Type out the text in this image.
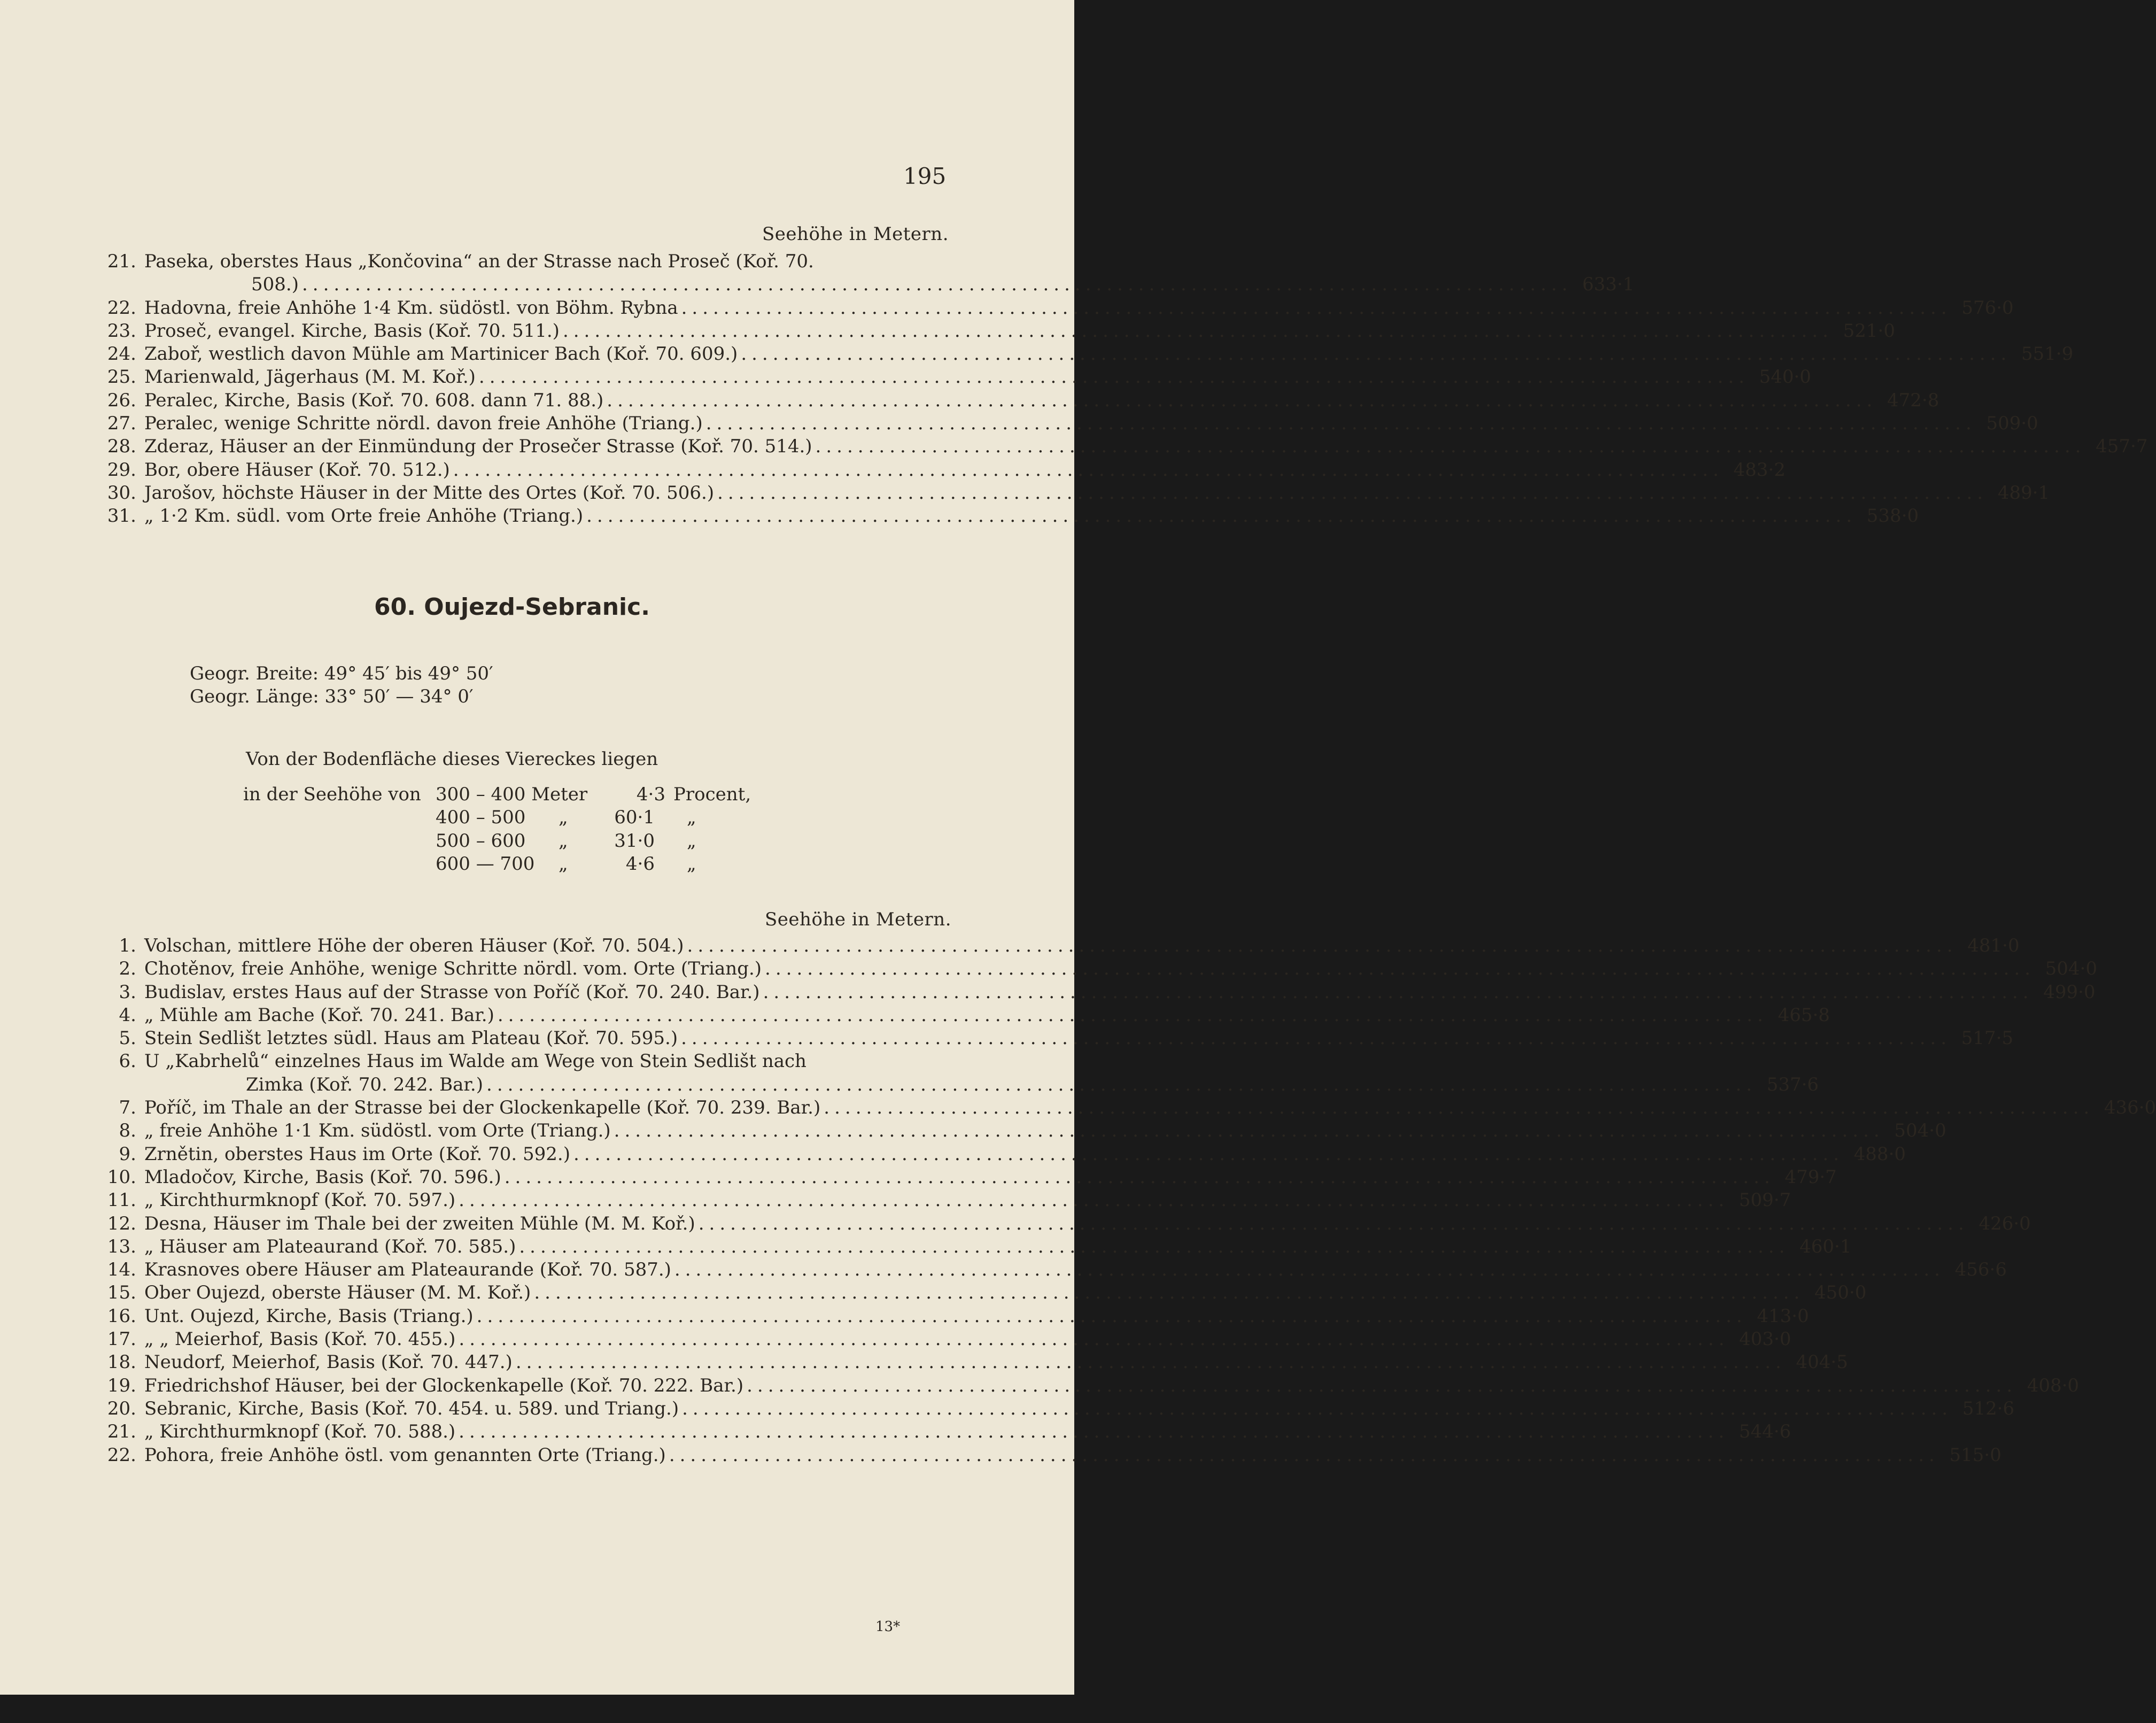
195
Seehöhe in Metern.
21. Paseka, oberstes Haus „Končovina“ an der Strasse nach Proseč (Koř. 70.
508.) ........................................................................................................................ 633·1
22. Hadovna, freie Anhöhe 1·4 Km. südöstl. von Böhm. Rybna ........................................................................................................................ 576·0
23. Proseč, evangel. Kirche, Basis (Koř. 70. 511.) ........................................................................................................................ 521·0
24. Zaboř, westlich davon Mühle am Martinicer Bach (Koř. 70. 609.) ........................................................................................................................ 551·9
25. Marienwald, Jägerhaus (M. M. Koř.) ........................................................................................................................ 540·0
26. Peralec, Kirche, Basis (Koř. 70. 608. dann 71. 88.) ........................................................................................................................ 472·8
27. Peralec, wenige Schritte nördl. davon freie Anhöhe (Triang.) ........................................................................................................................ 509·0
28. Zderaz, Häuser an der Einmündung der Prosečer Strasse (Koř. 70. 514.) ........................................................................................................................ 457·7
29. Bor, obere Häuser (Koř. 70. 512.) ........................................................................................................................ 483·2
30. Jarošov, höchste Häuser in der Mitte des Ortes (Koř. 70. 506.) ........................................................................................................................ 489·1
31. „ 1·2 Km. südl. vom Orte freie Anhöhe (Triang.) ........................................................................................................................ 538·0
60. Oujezd-Sebranic.
Geogr. Breite: 49° 45′ bis 49° 50′
Geogr. Länge: 33° 50′ — 34° 0′
Von der Bodenfläche dieses Viereckes liegen
in der Seehöhe von 300 – 400 Meter	4·3 Procent,
400 – 500 „	60·1 „
500 – 600 „	31·0 „
600 — 700 „	4·6 „
Seehöhe in Metern.
1. Volschan, mittlere Höhe der oberen Häuser (Koř. 70. 504.) ........................................................................................................................ 481·0
2. Chotěnov, freie Anhöhe, wenige Schritte nördl. vom. Orte (Triang.) ........................................................................................................................ 504·0
3. Budislav, erstes Haus auf der Strasse von Poříč (Koř. 70. 240. Bar.) ........................................................................................................................ 499·0
4. „ Mühle am Bache (Koř. 70. 241. Bar.) ........................................................................................................................ 465·8
5. Stein Sedlišt letztes südl. Haus am Plateau (Koř. 70. 595.) ........................................................................................................................ 517·5
6. U „Kabrhelů“ einzelnes Haus im Walde am Wege von Stein Sedlišt nach
Zimka (Koř. 70. 242. Bar.) ........................................................................................................................ 537·6
7. Poříč, im Thale an der Strasse bei der Glockenkapelle (Koř. 70. 239. Bar.) ........................................................................................................................ 436·0
8. „ freie Anhöhe 1·1 Km. südöstl. vom Orte (Triang.) ........................................................................................................................ 504·0
9. Zrnětin, oberstes Haus im Orte (Koř. 70. 592.) ........................................................................................................................ 488·0
10. Mladočov, Kirche, Basis (Koř. 70. 596.) ........................................................................................................................ 479·7
11. „ Kirchthurmknopf (Koř. 70. 597.) ........................................................................................................................ 509·7
12. Desna, Häuser im Thale bei der zweiten Mühle (M. M. Koř.) ........................................................................................................................ 426·0
13. „ Häuser am Plateaurand (Koř. 70. 585.) ........................................................................................................................ 460·1
14. Krasnoves obere Häuser am Plateaurande (Koř. 70. 587.) ........................................................................................................................ 456·6
15. Ober Oujezd, oberste Häuser (M. M. Koř.) ........................................................................................................................ 450·0
16. Unt. Oujezd, Kirche, Basis (Triang.) ........................................................................................................................ 413·0
17. „ „ Meierhof, Basis (Koř. 70. 455.) ........................................................................................................................ 403·0
18. Neudorf, Meierhof, Basis (Koř. 70. 447.) ........................................................................................................................ 404·5
19. Friedrichshof Häuser, bei der Glockenkapelle (Koř. 70. 222. Bar.) ........................................................................................................................ 408·0
20. Sebranic, Kirche, Basis (Koř. 70. 454. u. 589. und Triang.) ........................................................................................................................ 512·6
21. „ Kirchthurmknopf (Koř. 70. 588.) ........................................................................................................................ 544·6
22. Pohora, freie Anhöhe östl. vom genannten Orte (Triang.) ........................................................................................................................ 515·0
13*
